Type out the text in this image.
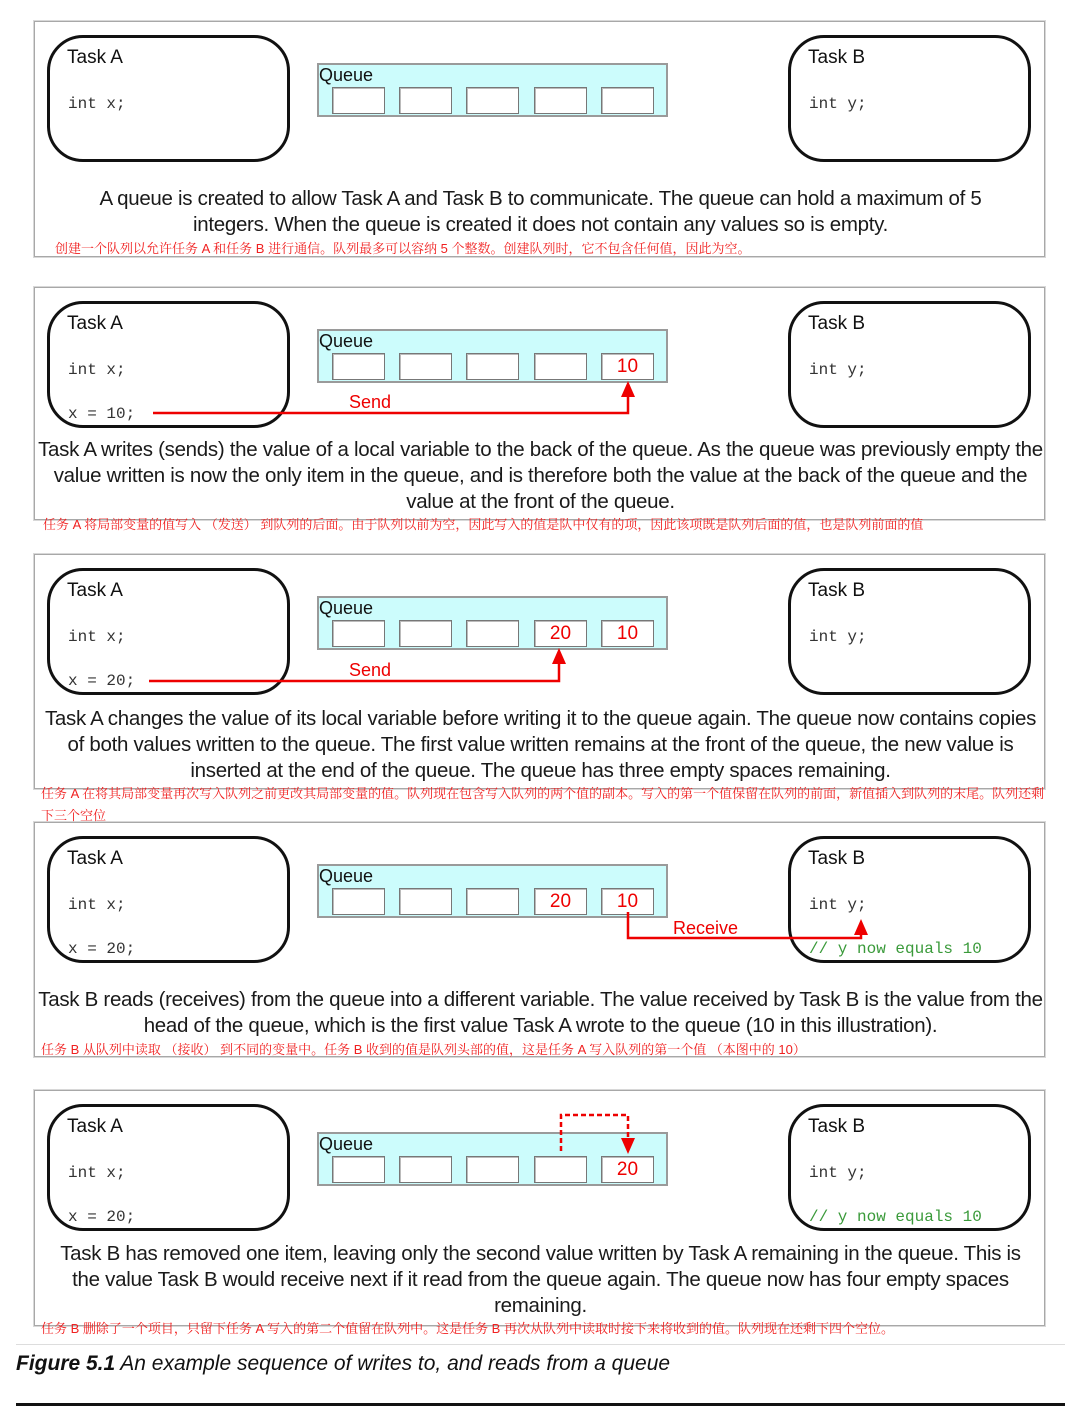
Task A
int x;
Task B
int y;
Queue
A queue is created to allow Task A and Task B to communicate. The queue can hold a maximum of 5 integers. When the queue is created it does not contain any values so is empty.
创建一个队列以允许任务 A 和任务 B 进行通信。队列最多可以容纳 5 个整数。创建队列时，它不包含任何值，因此为空。
Task A
int x;
x = 10;
Task B
int y;
Queue
10
Task A writes (sends) the value of a local variable to the back of the queue. As the queue was previously empty the value written is now the only item in the queue, and is therefore both the value at the back of the queue and the value at the front of the queue.
任务 A 将局部变量的值写入 （发送） 到队列的后面。由于队列以前为空，因此写入的值是队中仅有的项，因此该项既是队列后面的值，也是队列前面的值
Send
Task A
int x;
x = 20;
Task B
int y;
Queue
20	10
Task A changes the value of its local variable before writing it to the queue again. The queue now contains copies of both values written to the queue. The first value written remains at the front of the queue, the new value is inserted at the end of the queue. The queue has three empty spaces remaining.
任务 A 在将其局部变量再次写入队列之前更改其局部变量的值。队列现在包含写入队列的两个值的副本。写入的第一个值保留在队列的前面，新值插入到队列的末尾。队列还剩下三个空位
Send
Task A
int x;
x = 20;
Task B
int y;
// y now equals 10
Queue
20	10
Task B reads (receives) from the queue into a different variable. The value received by Task B is the value from the head of the queue, which is the first value Task A wrote to the queue (10 in this illustration).
任务 B 从队列中读取 （接收） 到不同的变量中。任务 B 收到的值是队列头部的值，这是任务 A 写入队列的第一个值 （本图中的 10）
Receive
Task A
int x;
x = 20;
Task B
int y;
// y now equals 10
Queue
20
Task B has removed one item, leaving only the second value written by Task A remaining in the queue. This is the value Task B would receive next if it read from the queue again. The queue now has four empty spaces remaining.
任务 B 删除了一个项目，只留下任务 A 写入的第二个值留在队列中。这是任务 B 再次从队列中读取时接下来将收到的值。队列现在还剩下四个空位。
Figure 5.1 An example sequence of writes to, and reads from a queue
